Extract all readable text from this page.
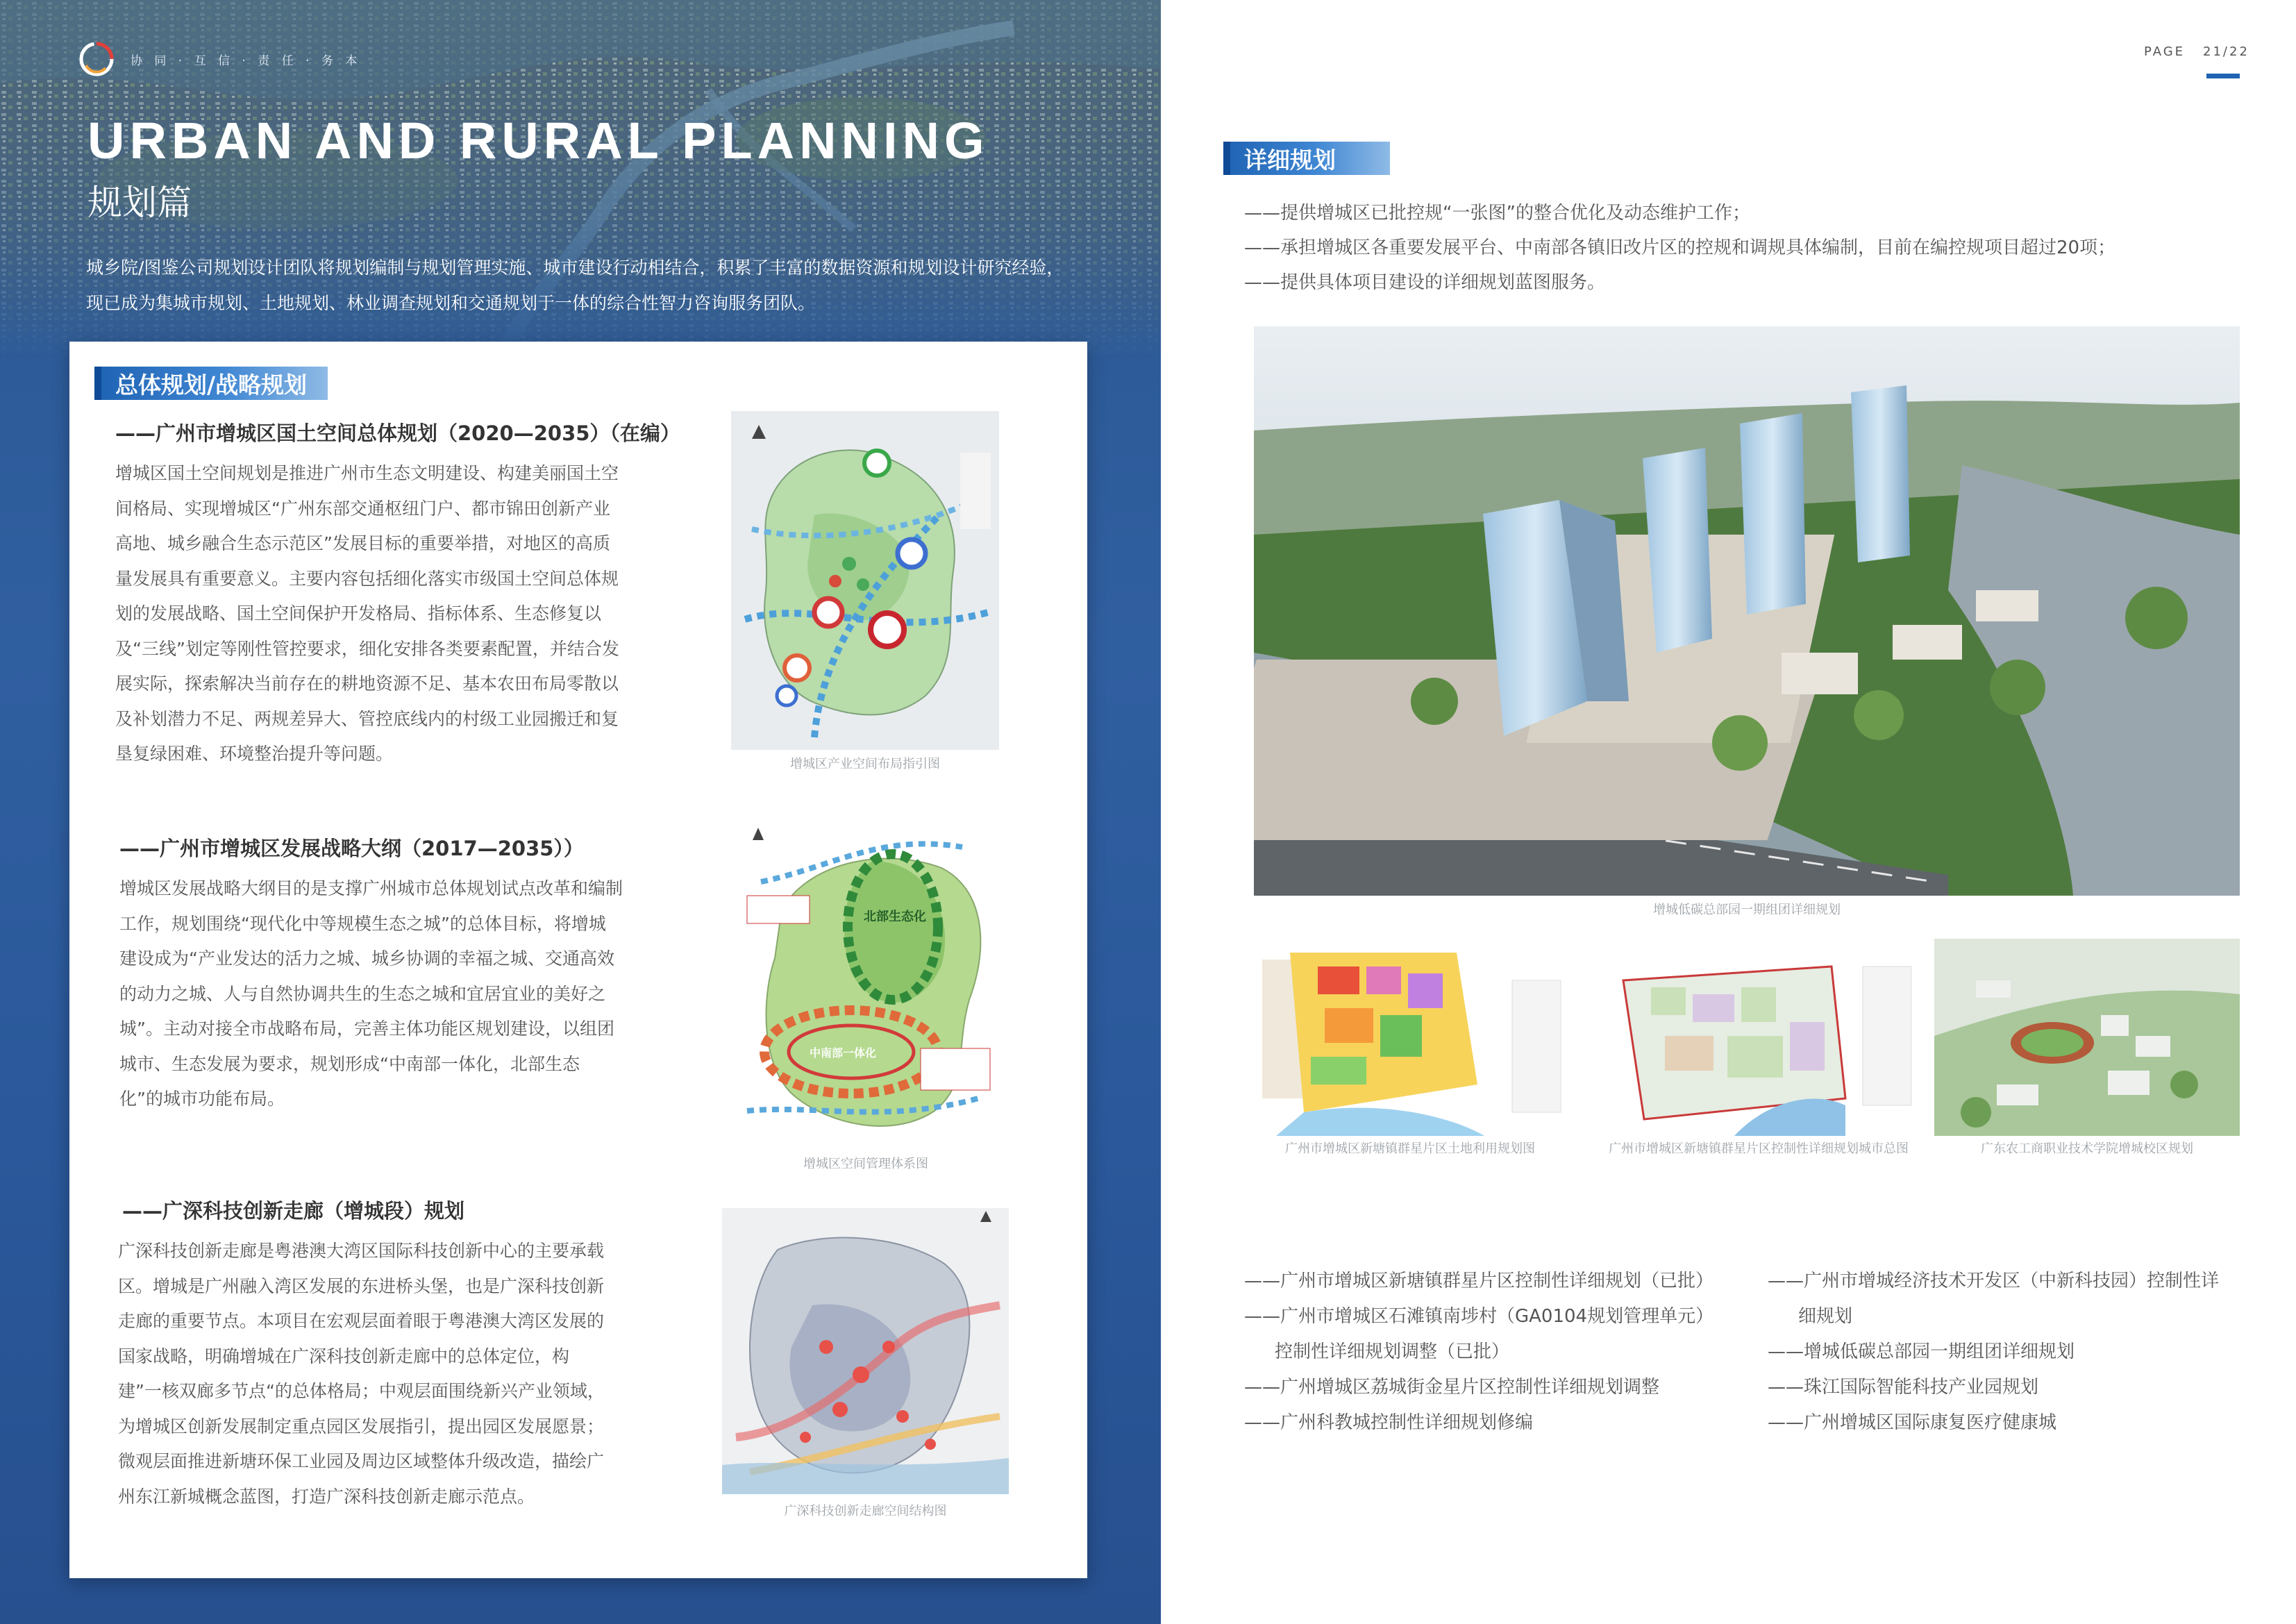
协 同 · 互 信 · 责 任 · 务 本
URBAN AND RURAL PLANNING
规划篇
城乡院/图鉴公司规划设计团队将规划编制与规划管理实施、城市建设行动相结合，积累了丰富的数据资源和规划设计研究经验，现已成为集城市规划、土地规划、林业调查规划和交通规划于一体的综合性智力咨询服务团队。
总体规划/战略规划
——广州市增城区国土空间总体规划（2020—2035）（在编）
增城区国土空间规划是推进广州市生态文明建设、构建美丽国土空间格局、实现增城区“广州东部交通枢纽门户、都市锦田创新产业高地、城乡融合生态示范区”发展目标的重要举措，对地区的高质量发展具有重要意义。主要内容包括细化落实市级国土空间总体规划的发展战略、国土空间保护开发格局、指标体系、生态修复以及“三线”划定等刚性管控要求，细化安排各类要素配置，并结合发展实际，探索解决当前存在的耕地资源不足、基本农田布局零散以及补划潜力不足、两规差异大、管控底线内的村级工业园搬迁和复垦复绿困难、环境整治提升等问题。
增城区产业空间布局指引图
——广州市增城区发展战略大纲（2017—2035））
增城区发展战略大纲目的是支撑广州城市总体规划试点改革和编制工作，规划围绕“现代化中等规模生态之城”的总体目标，将增城建设成为“产业发达的活力之城、城乡协调的幸福之城、交通高效的动力之城、人与自然协调共生的生态之城和宜居宜业的美好之城”。主动对接全市战略布局，完善主体功能区规划建设，以组团城市、生态发展为要求，规划形成“中南部一体化，北部生态化”的城市功能布局。
北部生态化
中南部一体化
增城区空间管理体系图
——广深科技创新走廊（增城段）规划
广深科技创新走廊是粤港澳大湾区国际科技创新中心的主要承载区。增城是广州融入湾区发展的东进桥头堡，也是广深科技创新走廊的重要节点。本项目在宏观层面着眼于粤港澳大湾区发展的国家战略，明确增城在广深科技创新走廊中的总体定位，构建”一核双廊多节点“的总体格局；中观层面围绕新兴产业领域，为增城区创新发展制定重点园区发展指引，提出园区发展愿景；微观层面推进新塘环保工业园及周边区域整体升级改造，描绘广州东江新城概念蓝图，打造广深科技创新走廊示范点。
广深科技创新走廊空间结构图
PAGE 21/22
详细规划
——提供增城区已批控规“一张图”的整合优化及动态维护工作；
——承担增城区各重要发展平台、中南部各镇旧改片区的控规和调规具体编制，目前在编控规项目超过20项；
——提供具体项目建设的详细规划蓝图服务。
增城低碳总部园一期组团详细规划
广州市增城区新塘镇群星片区土地利用规划图	广州市增城区新塘镇群星片区控制性详细规划城市总图	广东农工商职业技术学院增城校区规划
——广州市增城区新塘镇群星片区控制性详细规划（已批）
——广州市增城区石滩镇南埗村（GA0104规划管理单元）
控制性详细规划调整（已批）
——广州增城区荔城街金星片区控制性详细规划调整
——广州科教城控制性详细规划修编
——广州市增城经济技术开发区（中新科技园）控制性详
细规划
——增城低碳总部园一期组团详细规划
——珠江国际智能科技产业园规划
——广州增城区国际康复医疗健康城
